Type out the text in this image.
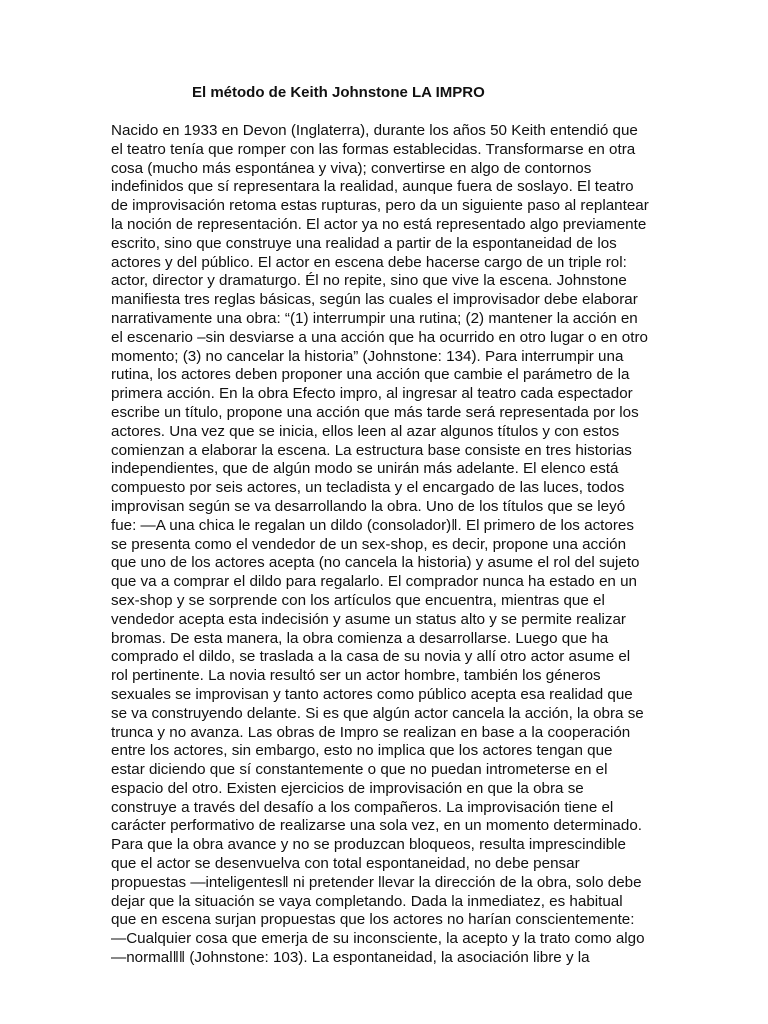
El método de Keith Johnstone LA IMPRO
Nacido en 1933 en Devon (Inglaterra), durante los años 50 Keith entendió que
el teatro tenía que romper con las formas establecidas. Transformarse en otra
cosa (mucho más espontánea y viva); convertirse en algo de contornos
indefinidos que sí representara la realidad, aunque fuera de soslayo. El teatro
de improvisación retoma estas rupturas, pero da un siguiente paso al replantear
la noción de representación. El actor ya no está representado algo previamente
escrito, sino que construye una realidad a partir de la espontaneidad de los
actores y del público. El actor en escena debe hacerse cargo de un triple rol:
actor, director y dramaturgo. Él no repite, sino que vive la escena. Johnstone
manifiesta tres reglas básicas, según las cuales el improvisador debe elaborar
narrativamente una obra: “(1) interrumpir una rutina; (2) mantener la acción en
el escenario –sin desviarse a una acción que ha ocurrido en otro lugar o en otro
momento; (3) no cancelar la historia” (Johnstone: 134). Para interrumpir una
rutina, los actores deben proponer una acción que cambie el parámetro de la
primera acción. En la obra Efecto impro, al ingresar al teatro cada espectador
escribe un título, propone una acción que más tarde será representada por los
actores. Una vez que se inicia, ellos leen al azar algunos títulos y con estos
comienzan a elaborar la escena. La estructura base consiste en tres historias
independientes, que de algún modo se unirán más adelante. El elenco está
compuesto por seis actores, un tecladista y el encargado de las luces, todos
improvisan según se va desarrollando la obra. Uno de los títulos que se leyó
fue: —A una chica le regalan un dildo (consolador)‖. El primero de los actores
se presenta como el vendedor de un sex-shop, es decir, propone una acción
que uno de los actores acepta (no cancela la historia) y asume el rol del sujeto
que va a comprar el dildo para regalarlo. El comprador nunca ha estado en un
sex-shop y se sorprende con los artículos que encuentra, mientras que el
vendedor acepta esta indecisión y asume un status alto y se permite realizar
bromas. De esta manera, la obra comienza a desarrollarse. Luego que ha
comprado el dildo, se traslada a la casa de su novia y allí otro actor asume el
rol pertinente. La novia resultó ser un actor hombre, también los géneros
sexuales se improvisan y tanto actores como público acepta esa realidad que
se va construyendo delante. Si es que algún actor cancela la acción, la obra se
trunca y no avanza. Las obras de Impro se realizan en base a la cooperación
entre los actores, sin embargo, esto no implica que los actores tengan que
estar diciendo que sí constantemente o que no puedan intrometerse en el
espacio del otro. Existen ejercicios de improvisación en que la obra se
construye a través del desafío a los compañeros. La improvisación tiene el
carácter performativo de realizarse una sola vez, en un momento determinado.
Para que la obra avance y no se produzcan bloqueos, resulta imprescindible
que el actor se desenvuelva con total espontaneidad, no debe pensar
propuestas —inteligentes‖ ni pretender llevar la dirección de la obra, solo debe
dejar que la situación se vaya completando. Dada la inmediatez, es habitual
que en escena surjan propuestas que los actores no harían conscientemente:
—Cualquier cosa que emerja de su inconsciente, la acepto y la trato como algo
—normal‖‖ (Johnstone: 103). La espontaneidad, la asociación libre y la
